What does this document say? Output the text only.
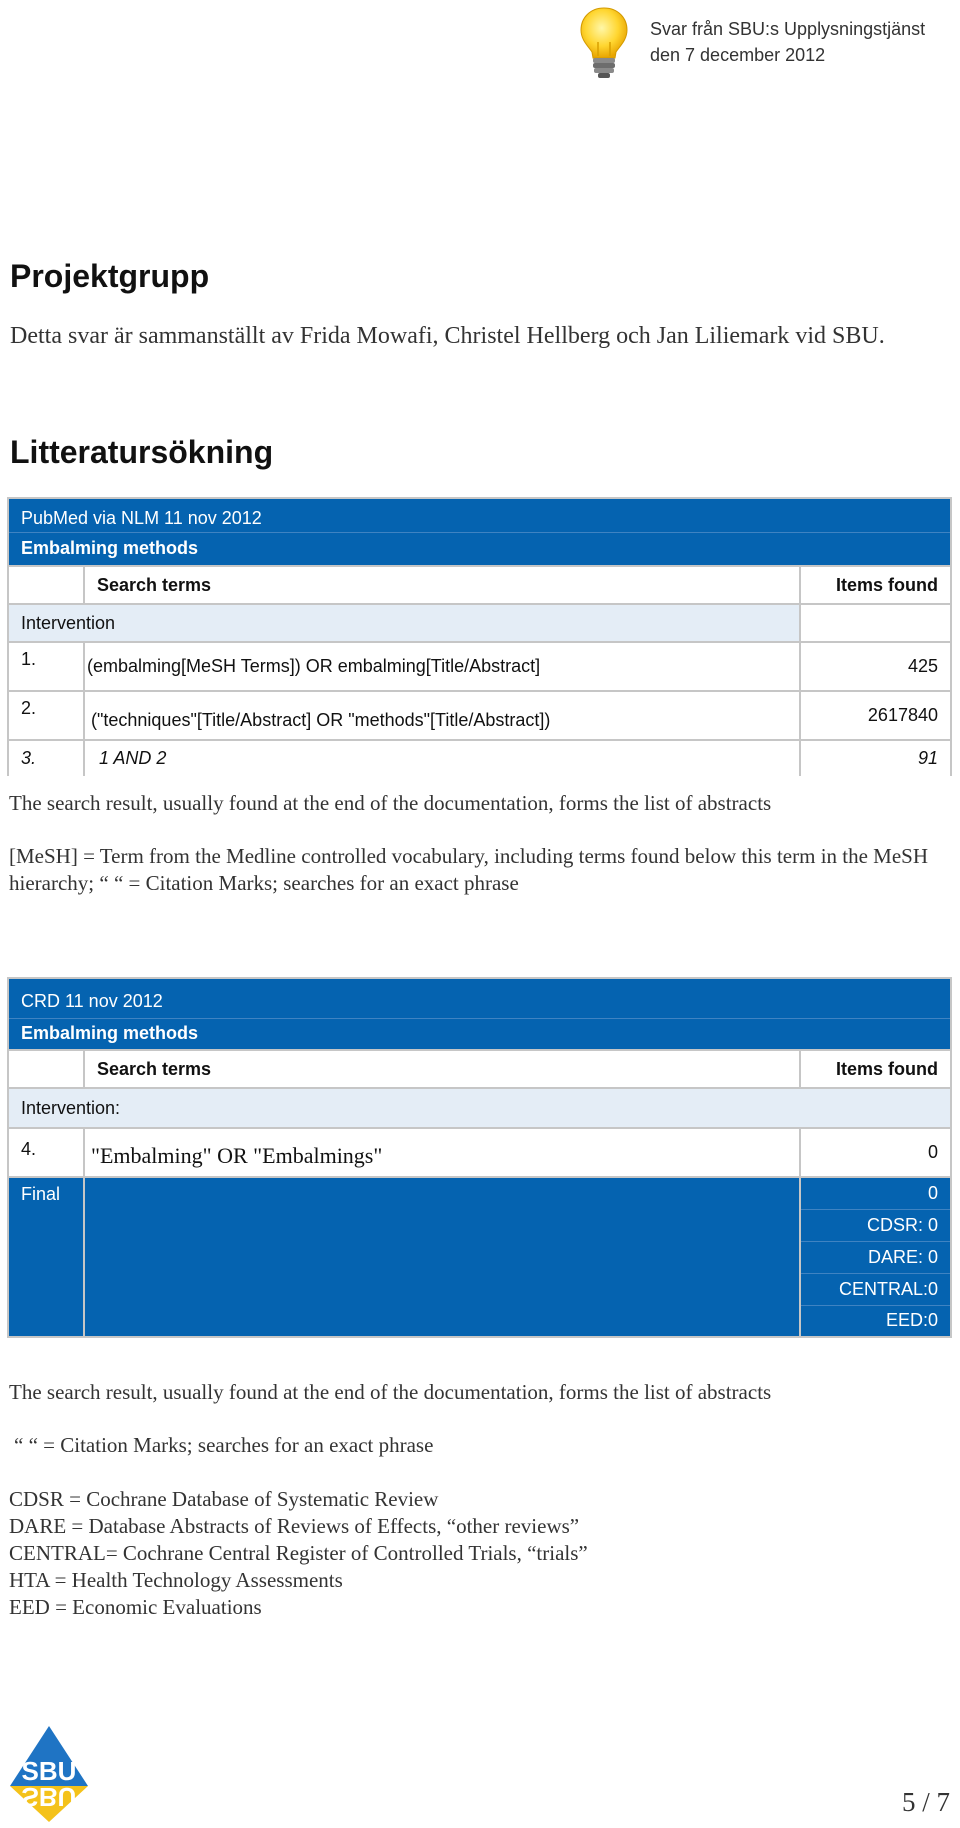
Svar från SBU:s Upplysningstjänst
den 7 december 2012
Projektgrupp

Detta svar är sammanställt av Frida Mowafi, Christel Hellberg och Jan Liliemark vid SBU.

Litteratursökning
PubMed via NLM 11 nov 2012		
Embalming methods		
	Search terms	Items found
Intervention		
1.	(embalming[MeSH Terms]) OR embalming[Title/Abstract]	425
2.	("techniques"[Title/Abstract] OR "methods"[Title/Abstract])	2617840
3.	1 AND 2	91

The search result, usually found at the end of the documentation, forms the list of abstracts

[MeSH] = Term from the Medline controlled vocabulary, including terms found below this term in the MeSH hierarchy; “ “ = Citation Marks; searches for an exact phrase

CRD 11 nov 2012		
Embalming methods		
	Search terms	Items found
Intervention:		
4.	"Embalming" OR "Embalmings"	0
Final		0
		CDSR: 0
		DARE: 0
		CENTRAL:0
		EED:0

The search result, usually found at the end of the documentation, forms the list of abstracts

“ “ = Citation Marks; searches for an exact phrase

CDSR = Cochrane Database of Systematic Review
DARE = Database Abstracts of Reviews of Effects, “other reviews”
CENTRAL= Cochrane Central Register of Controlled Trials, “trials”
HTA = Health Technology Assessments
EED = Economic Evaluations
SBU
SBU	5 / 7
